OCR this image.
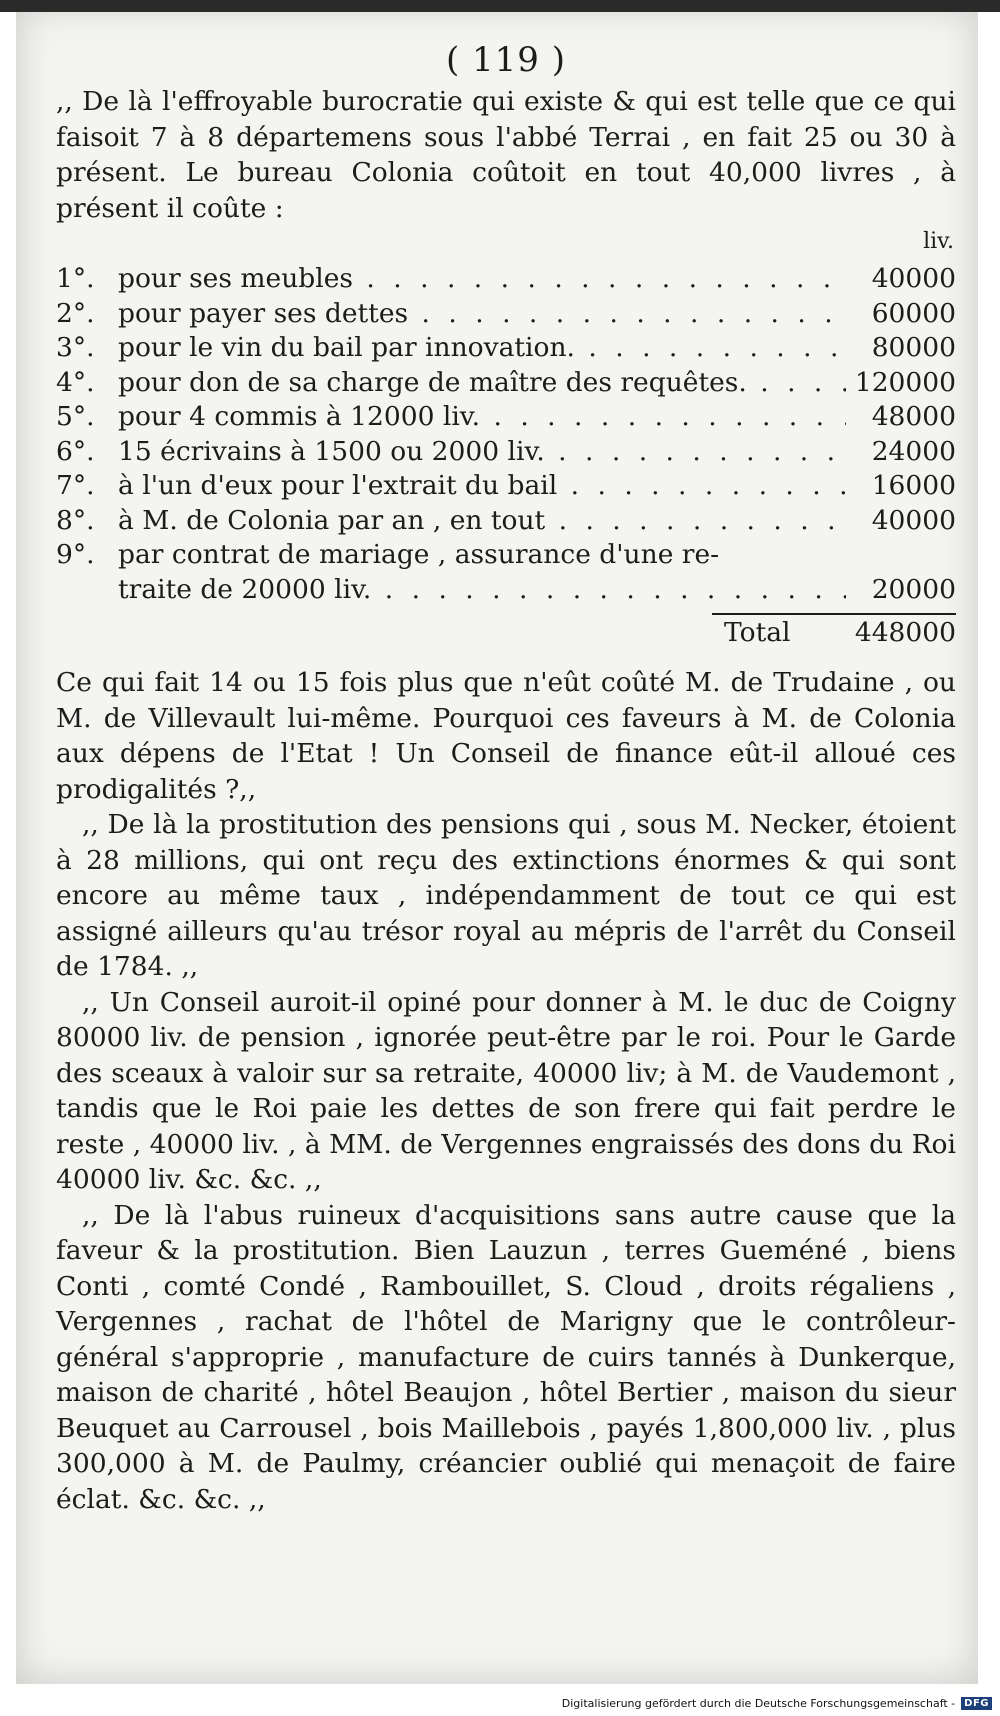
( 119 )

,, De là l'effroyable burocratie qui existe & qui est telle que ce qui faisoit 7 à 8 départemens sous l'abbé Terrai , en fait 25 ou 30 à présent. Le bureau Colonia coûtoit en tout 40,000 livres , à présent il coûte :

liv.
1°. pour ses meubles . . .	40000
2°. pour payer ses dettes . . .	60000
3°. pour le vin du bail par innovation. . . .	80000
4°. pour don de sa charge de maître des requêtes. . . .	120000
5°. pour 4 commis à 12000 liv. . . .	48000
6°. 15 écrivains à 1500 ou 2000 liv. . . .	24000
7°. à l'un d'eux pour l'extrait du bail . . .	16000
8°. à M. de Colonia par an , en tout . . .	40000
9°. par contrat de mariage , assurance d'une re-
traite de 20000 liv. . . .	20000
Total 448000

Ce qui fait 14 ou 15 fois plus que n'eût coûté M. de Trudaine , ou M. de Villevault lui-même. Pourquoi ces faveurs à M. de Colonia aux dépens de l'Etat ! Un Conseil de finance eût-il alloué ces prodigalités ?,,

,, De là la prostitution des pensions qui , sous M. Necker, étoient à 28 millions, qui ont reçu des extinctions énormes & qui sont encore au même taux , indépendamment de tout ce qui est assigné ailleurs qu'au trésor royal au mépris de l'arrêt du Conseil de 1784. ,,

,, Un Conseil auroit-il opiné pour donner à M. le duc de Coigny 80000 liv. de pension , ignorée peut-être par le roi. Pour le Garde des sceaux à valoir sur sa retraite, 40000 liv; à M. de Vaudemont , tandis que le Roi paie les dettes de son frere qui fait perdre le reste , 40000 liv. , à MM. de Vergennes engraissés des dons du Roi 40000 liv. &c. &c. ,,

,, De là l'abus ruineux d'acquisitions sans autre cause que la faveur & la prostitution. Bien Lauzun , terres Gueméné , biens Conti , comté Condé , Rambouillet, S. Cloud , droits régaliens , Vergennes , rachat de l'hôtel de Marigny que le contrôleur-général s'approprie , manufacture de cuirs tannés à Dunkerque, maison de charité , hôtel Beaujon , hôtel Bertier , maison du sieur Beuquet au Carrousel , bois Maillebois , payés 1,800,000 liv. , plus 300,000 à M. de Paulmy, créancier oublié qui menaçoit de faire éclat. &c. &c. ,,

Digitalisierung gefördert durch die Deutsche Forschungsgemeinschaft - DFG
